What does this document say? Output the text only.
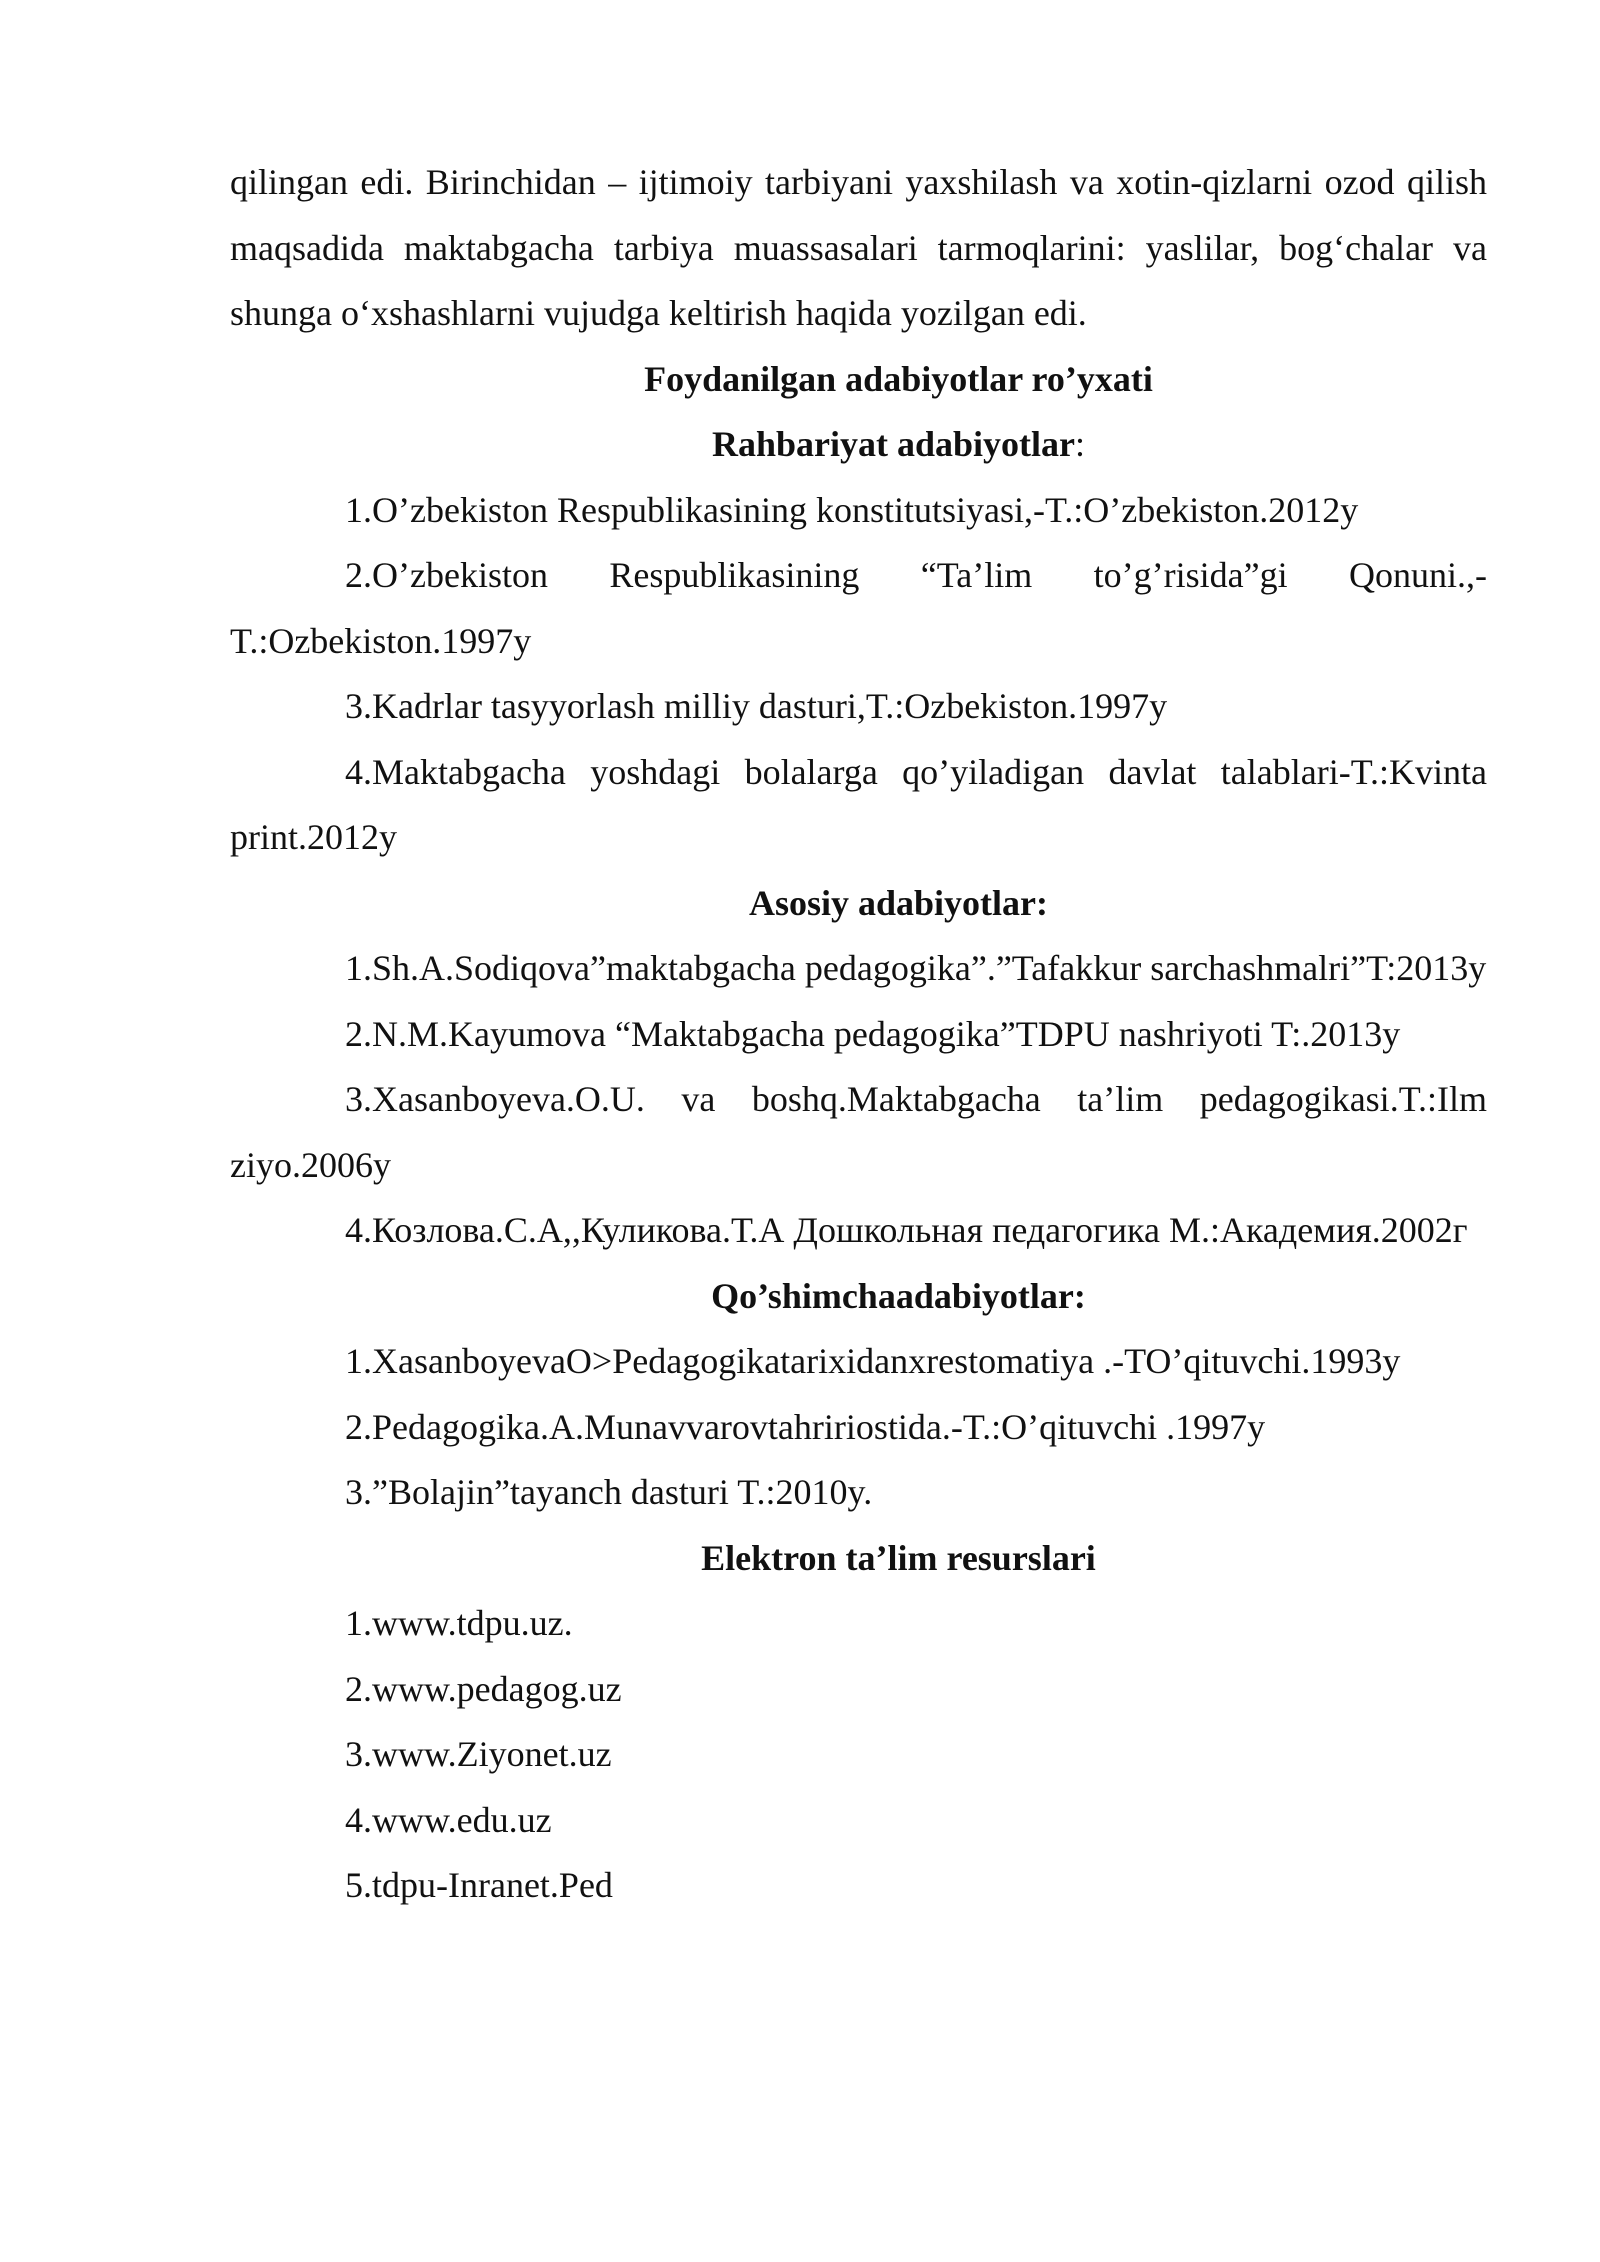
qilingan edi. Birinchidan – ijtimoiy tarbiyani yaxshilash va xotin-qizlarni ozod qilish maqsadida maktabgacha tarbiya muassasalari tarmoqlarini: yaslilar, bog‘chalar va shunga o‘xshashlarni vujudga keltirish haqida yozilgan edi.

Foydanilgan adabiyotlar ro’yxati

Rahbariyat adabiyotlar:

1.O’zbekiston Respublikasining konstitutsiyasi,-T.:O’zbekiston.2012y

2.O’zbekiston Respublikasining “Ta’lim to’g’risida”gi Qonuni.,-T.:Ozbekiston.1997y

3.Kadrlar tasyyorlash milliy dasturi,T.:Ozbekiston.1997y

4.Maktabgacha yoshdagi bolalarga qo’yiladigan davlat talablari-T.:Kvinta print.2012y

Asosiy adabiyotlar:

1.Sh.A.Sodiqova”maktabgacha pedagogika”.”Tafakkur sarchashmalri”T:2013y

2.N.M.Kayumova “Maktabgacha pedagogika”TDPU nashriyoti T:.2013y

3.Xasanboyeva.O.U. va boshq.Maktabgacha ta’lim pedagogikasi.T.:Ilm ziyo.2006y

4.Козлова.С.А,,Куликова.Т.А Дошкольная педагогика М.:Академия.2002г

Qo’shimchaadabiyotlar:

1.XasanboyevaO>Pedagogikatarixidanxrestomatiya .-TO’qituvchi.1993y

2.Pedagogika.A.Munavvarovtahririostida.-T.:O’qituvchi .1997y

3.”Bolajin”tayanch dasturi T.:2010y.

Elektron ta’lim resurslari

1.www.tdpu.uz.

2.www.pedagog.uz

3.www.Ziyonet.uz

4.www.edu.uz

5.tdpu-Inranet.Ped
